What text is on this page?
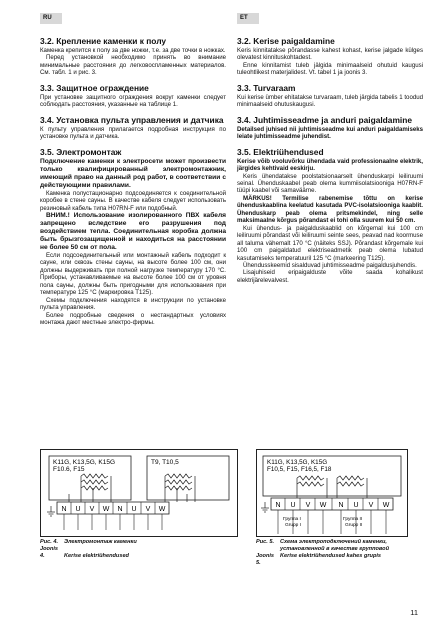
RU	ET
3.2. Крепление каменки к полу

Каменка крепится к полу за две ножки, т.е. за две точки в ножках.

Перед установкой необходимо принять во внимание минимальные расстояния до легковоспламенных материалов. См. табл. 1 и рис. 3.

3.3. Защитное ограждение

При установке защитного ограждения вокруг каменки следует соблюдать расстояния, указанные на таблице 1.

3.4. Установка пульта управления и датчика

К пульту управления прилагается подробная инструкция по установке пульта и датчика.

3.5. Электромонтаж

Подключение каменки к электросети может произвести только квалифицированный электромонтажник, имеющий право на данный род работ, в соответствии с действующими правилами.

Каменка полустационарно подсоединяется к соединительной коробке в стене сауны. В качестве кабеля следует использовать резиновый кабель типа H07RN-F или подобный.

ВНИМ.! Использование изолированного ПВХ кабеля запрещено вследствие его разрушения под воздействием тепла. Соединительная коробка должна быть брызгозащищенной и находиться на расстоянии не более 50 см от пола.

Если подсоединительный или монтажный кабель подходит к сауне, или сквозь стены сауны, на высоте более 100 см, они должны выдерживать при полной нагрузке температуру 170 °C. Приборы, устанавливаемые на высоте более 100 см от уровня пола сауны, должны быть пригодными для использования при температуре 125 °C (маркировка T125).

Схемы подключения находятся в инструкции по установке пульта управления.

Более подробные сведения о нестандартных условиях монтажа дают местные электро-фирмы.

3.2. Kerise paigaldamine

Keris kinnitatakse põrandasse kahest kohast, kerise jalgade külges olevatest kinnituskohtadest.

Enne kinnitamist tuleb jälgida minimaalseid ohutuid kaugusi tuleohtlikest materjalidest. Vt. tabel 1 ja joonis 3.

3.3. Turvaraam

Kui kerise ümber ehitatakse turvaraam, tuleb järgida tabelis 1 toodud minimaalseid ohutuskaugusi.

3.4. Juhtimisseadme ja anduri paigaldamine

Detailsed juhised nii juhtimisseadme kui anduri paigaldamiseks leiate juhtimisseadme juhendist.

3.5. Elektriühendused

Kerise võib vooluvõrku ühendada vaid professionaalne elektrik, järgides kehtivaid eeskirju.

Keris ühendatakse poolstatsionaarselt ühenduskarpi leiliruumi seinal. Ühenduskaabel peab olema kummiisolatsiooniga H07RN-F tüüpi kaabel või samaväärne.

MÄRKUS! Termilise rabenemise tõttu on kerise ühenduskaablina keelatud kasutada PVC-isolatsiooniga kaablit. Ühenduskarp peab olema pritsmekindel, ning selle maksimaalne kõrgus põrandast ei tohi olla suurem kui 50 cm.

Kui ühendus- ja paigalduskaablid on kõrgemal kui 100 cm leiliruumi põrandast või leiliruumi seinte sees, peavad nad koormuse all taluma vähemalt 170 °C (näiteks SSJ). Põrandast kõrgemale kui 100 cm paigaldatud elektriseadmetik peab olema lubatud kasutamiseks temperatuuril 125 °C (markeering T125).

Ühendusskeemid sisalduvad juhtimisseadme paigaldusjuhendis.

Lisajuhiseid eripaigalduste võite saada kohalikust elektrijärelevalvest.

K11G, K13,5G, K15G
F10.6, F15
T9, T10,5
N U V W N U V W
Рис. 4. Электромонтаж каменки
Joonis 4.	Kerise elektriühendused
K11G, K13,5G, K15G
F10,5, F15, F16,5, F18
N U V W N U V W
Группа I
Grupp I
Группа II
Grupp II
Рис. 5.	Схема электроподключений каменки, установленной в качестве групповой
Joonis 5.
Kerise elektriühendused kahes grupis
11
